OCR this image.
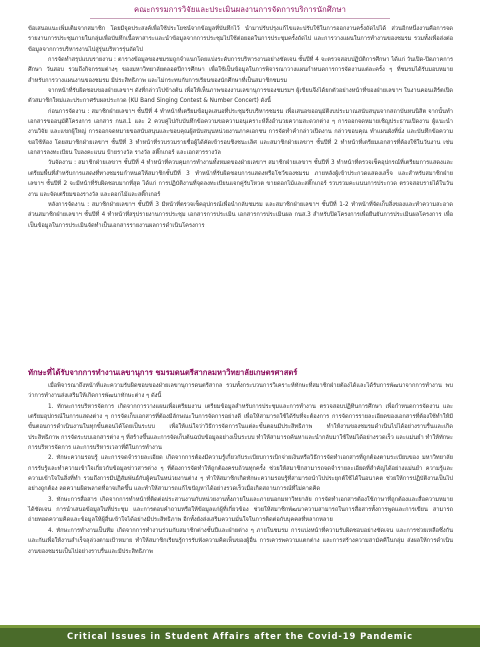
คณะกรรมการวิจัยและประเมินผลงานการจัดการบริการนักศึกษา

ข้อเสนอแนะเพิ่มเติมจากสมาชิก โดยมีจุดประสงค์เพื่อใช้ประโยชน์จากข้อมูลที่บันทึกไว้ นำมาปรับปรุงแก้ไขและปรับใช้ในการออกงานครั้งถัดไปได้ ส่วนอีกหนึ่งงานคือการจดรายงานการประชุมภายในกลุ่มเพื่อบันทึกเนื้อหาสาระและนำข้อมูลจากการประชุมไปใช้ต่อยอดในการประชุมครั้งถัดไป และการวางแผนในการทำงานของชมรม รวมทั้งเพื่อส่งต่อข้อมูลจากการบริหารงานไปสู่รุ่นบริหารรุ่นถัดไป

การจัดทำสรุปแบบรายงาน : ตารางข้อมูลของชมรมถูกจำแนกโดยแบ่งระดับการบริหารงานอย่างชัดเจน ชั้นปีที่ 4 จะตรวจสอบปฏิบัติการศึกษา ได้แก่ วันเปิด-ปิดภาคการศึกษา วันสอบ รวมถึงกิจกรรมต่างๆ ของมหาวิทยาลัยตลอดปีการศึกษา เพื่อใช้เป็นข้อมูลในการพิจารณาวางแผนกำหนดการการจัดงานแต่ละครั้ง ๆ ที่ชมรมได้รับมอบหมาย สำหรับการวางแผนงานของชมรม มีประสิทธิภาพ และไม่กระทบกับการเรียนของนักศึกษาที่เป็นสมาชิกชมรม

จากหน้าที่รับผิดชอบของฝ่ายเลขาฯ ดังที่กล่าวไปข้างต้น เพื่อให้เห็นภาพของงานเลขานุการของชมรมฯ ผู้เขียนจึงได้ยกตัวอย่างหน้าที่ของฝ่ายเลขาฯ ในงานคอนเสิร์ตเปิดตัวสมาชิกใหม่และประกาศรับผลประกวด (KU Band Singing Contest & Number Concert) ดังนี้

ก่อนการจัดงาน : สมาชิกฝ่ายเลขาฯ ชั้นปีที่ 4 ทำหน้าที่เตรียมข้อมูลเสนอที่ประชุมรับบริหารชมรม เพื่อเสนอขออนุมัติงบประมาณสนับสนุนจากสถาบันหนนิสิต จากนั้นทำเอกสารขออนุมัติโครงการ เอกสาร กนส.1 และ 2 ควบคู่ไปกับบันทึกข้อความขอความอนุเคราะห์สิ่งอำนวยความสะดวกต่าง ๆ การออกจดหมายเชิญประธานเปิดงาน ผู้แนะนำงานวิจัย และแขกผู้ใหญ่ การออกจดหมายขอสนับสนุนและขอบคุณผู้สนับสนุนหน่วยงานภาคเอกชน การจัดทำคำกล่าวเปิดงาน กล่าวขอบคุณ ทำแผนผังที่นั่ง และบันทึกข้อความขอใช้ห้อง โดยสมาชิกฝ่ายเลขาฯ ชั้นปีที่ 3 ทำหน้าที่รวบรวมรายชื่อผู้ได้คัดเข้ารอบชิงชนะเลิศ และสมาชิกฝ่ายเลขาฯ ชั้นปีที่ 2 ทำหน้าที่เตรียมเอกสารที่ต้องใช้ในวันงาน เช่น เอกสารลงทะเบียน ใบลงคะแนน ป้ายรางวัล รางวัล สติ๊กเกอร์ และเอกสารรางวัล

วันจัดงาน : สมาชิกฝ่ายเลขาฯ ชั้นปีที่ 4 ทำหน้าที่ควบคุมการทำงานทั้งหมดของฝ่ายเลขาฯ สมาชิกฝ่ายเลขาฯ ชั้นปีที่ 3 ทำหน้าที่ตรวจเช็คอุปกรณ์ที่เตรียมการแสดงและเตรียมพื้นที่สำหรับการแสดงที่ทางชมรมกำหนดให้สมาชิกชั้นปีที่ 3 ทำหน้าที่รับผิดชอบการแสดงหรือโชว์ของชมรม ภายหลังผู้เข้าประกวดแสดงเสร็จ และสำหรับสมาชิกฝ่ายเลขาฯ ชั้นปีที่ 2 จะมีหน้าที่รับผิดชอบมากที่สุด ได้แก่ การปฏิบัติงานที่จุดลงทะเบียนแจกคู่รับโหวต ขายดอกไม้และสติ๊กเกอร์ รวบรวมคะแนนการประกวด ตรวจสอบรายได้ในวันงาน และจัดเตรียมของรางวัล และดอกไม้และสติ๊กเกอร์

หลังการจัดงาน : สมาชิกฝ่ายเลขาฯ ชั้นปีที่ 3 มีหน้าที่ตรวจเช็คอุปกรณ์เพื่อนำกลับชมรม และสมาชิกฝ่ายเลขาฯ ชั้นปีที่ 1-2 ทำหน้าที่จัดเก็บสิ่งของและทำความสะอาด ส่วนสมาชิกฝ่ายเลขาฯ ชั้นปีที่ 4 ทำหน้าที่สรุปรายงานการประชุม เอกสารการประเมิน เอกสารการประเมินผล กนส.3 สำหรับปิดโครงการเพื่อยืนยันการประเมินผลโครงการ เพื่อเป็นข้อมูลในการประเมินจัดทำเป็นเอกสารรายงานผลการดำเนินโครงการ

ทักษะที่ได้รับจากการทำงานเลขานุการ ชมรมดนตรีสากลมหาวิทยาลัยเกษตรศาสตร์

เมื่อพิจารณาถึงหน้าที่และความรับผิดชอบของฝ่ายเลขานุการดนตรีสากล รวมทั้งกระบวนการวิเคราะห์ทักษะที่สมาชิกฝ่ายต้องได้และได้รับการพัฒนาจากการทำงาน พบว่าการทำงานส่งเสริมให้เกิดการพัฒนาทักษะต่าง ๆ ดังนี้

1. ทักษะการบริหารจัดการ เกิดจากการวางแผนเพื่อเตรียมงาน เตรียมข้อมูลสำหรับการประชุมและการทำงาน ตรวจสอบปฏิทินการศึกษา เพื่อกำหนดการจัดงาน และเตรียมอุปกรณ์ในการแสดงต่าง ๆ การจัดเก็บเอกสารที่ต้องมีลักษณะในการจัดการอย่างดี เพื่อให้สามารถใช้ได้รับที่จะต้องการ การจัดการรายละเอียดของเอกสารที่ต้องใช้ทำให้มีขั้นตอนการดำเนินงานในทุกขั้นตอนได้โดยเป็นระบบ เพื่อให้แน่ใจว่าวิธีการจัดการในแต่ละขั้นตอนมีประสิทธิภาพ ทำให้งานของชมรมดำเนินไปได้อย่างราบรื่นและเกิดประสิทธิภาพ การจัดระบบเอกสารต่าง ๆ ที่สร้างขึ้นและการจัดเก็บต้นฉบับข้อมูลอย่างเป็นระบบ ทำให้สามารถค้นหาและนำกลับมาใช้ใหม่ได้อย่างรวดเร็ว และแม่นยำ ทำให้ทักษะการบริหารจัดการ และการบริหารเวลาที่ดีในการทำงาน

2. ทักษะความรอบรู้ และการจดจำรายละเอียด เกิดจากการต้องมีความรู้เกี่ยวกับระเบียบการเบิกจ่ายเงินหรือวิธีการจัดทำเอกสารที่ถูกต้องตามระเบียบของ มหาวิทยาลัย การรับรู้และทำความเข้าใจเกี่ยวกับข้อมูลข่าวสารต่าง ๆ ที่ต้องการจัดทำให้ถูกต้องครบถ้วนทุกครั้ง ช่วยให้สมาชิกสามารถจดจำรายละเอียดที่สำคัญได้อย่างแม่นยำ ความรู้และความเข้าใจในสิ่งที่ทำ รวมถึงการมีปฏิสัมพันธ์กับผู้คนในหน่วยงานต่าง ๆ ทำให้สมาชิกเกิดทักษะความรอบรู้ที่สามารถนำไปประยุกต์ใช้ได้ในอนาคต ช่วยให้การปฏิบัติงานเป็นไปอย่างถูกต้อง ลดความผิดพลาดที่อาจเกิดขึ้น และทำให้สามารถแก้ไขปัญหาได้อย่างรวดเร็วเมื่อเกิดสถานการณ์ที่ไม่คาดคิด

3. ทักษะการสื่อสาร เกิดจากการทำหน้าที่ติดต่อประสานงานกับหน่วยงานทั้งภายในและภายนอกมหาวิทยาลัย การจัดทำเอกสารต้องใช้ภาษาที่ถูกต้องและสื่อความหมายได้ชัดเจน การนำเสนอข้อมูลในที่ประชุม และการตอบคำถามหรือให้ข้อมูลแก่ผู้ที่เกี่ยวข้อง ช่วยให้สมาชิกพัฒนาความสามารถในการสื่อสารทั้งการพูดและการเขียน สามารถถ่ายทอดความคิดและข้อมูลให้ผู้อื่นเข้าใจได้อย่างมีประสิทธิภาพ อีกทั้งยังส่งเสริมความมั่นใจในการติดต่อกับบุคคลที่หลากหลาย

4. ทักษะการทำงานเป็นทีม เกิดจากการทำงานร่วมกับสมาชิกต่างชั้นปีและฝ่ายต่าง ๆ ภายในชมรม การแบ่งหน้าที่ความรับผิดชอบอย่างชัดเจน และการช่วยเหลือซึ่งกันและกันเพื่อให้งานสำเร็จลุล่วงตามเป้าหมาย ทำให้สมาชิกเรียนรู้การรับฟังความคิดเห็นของผู้อื่น การเคารพความแตกต่าง และการสร้างความสามัคคีในกลุ่ม ส่งผลให้การดำเนินงานของชมรมเป็นไปอย่างราบรื่นและมีประสิทธิภาพ

Critical Issues in Student Affairs after the Covid-19 Pandemic
